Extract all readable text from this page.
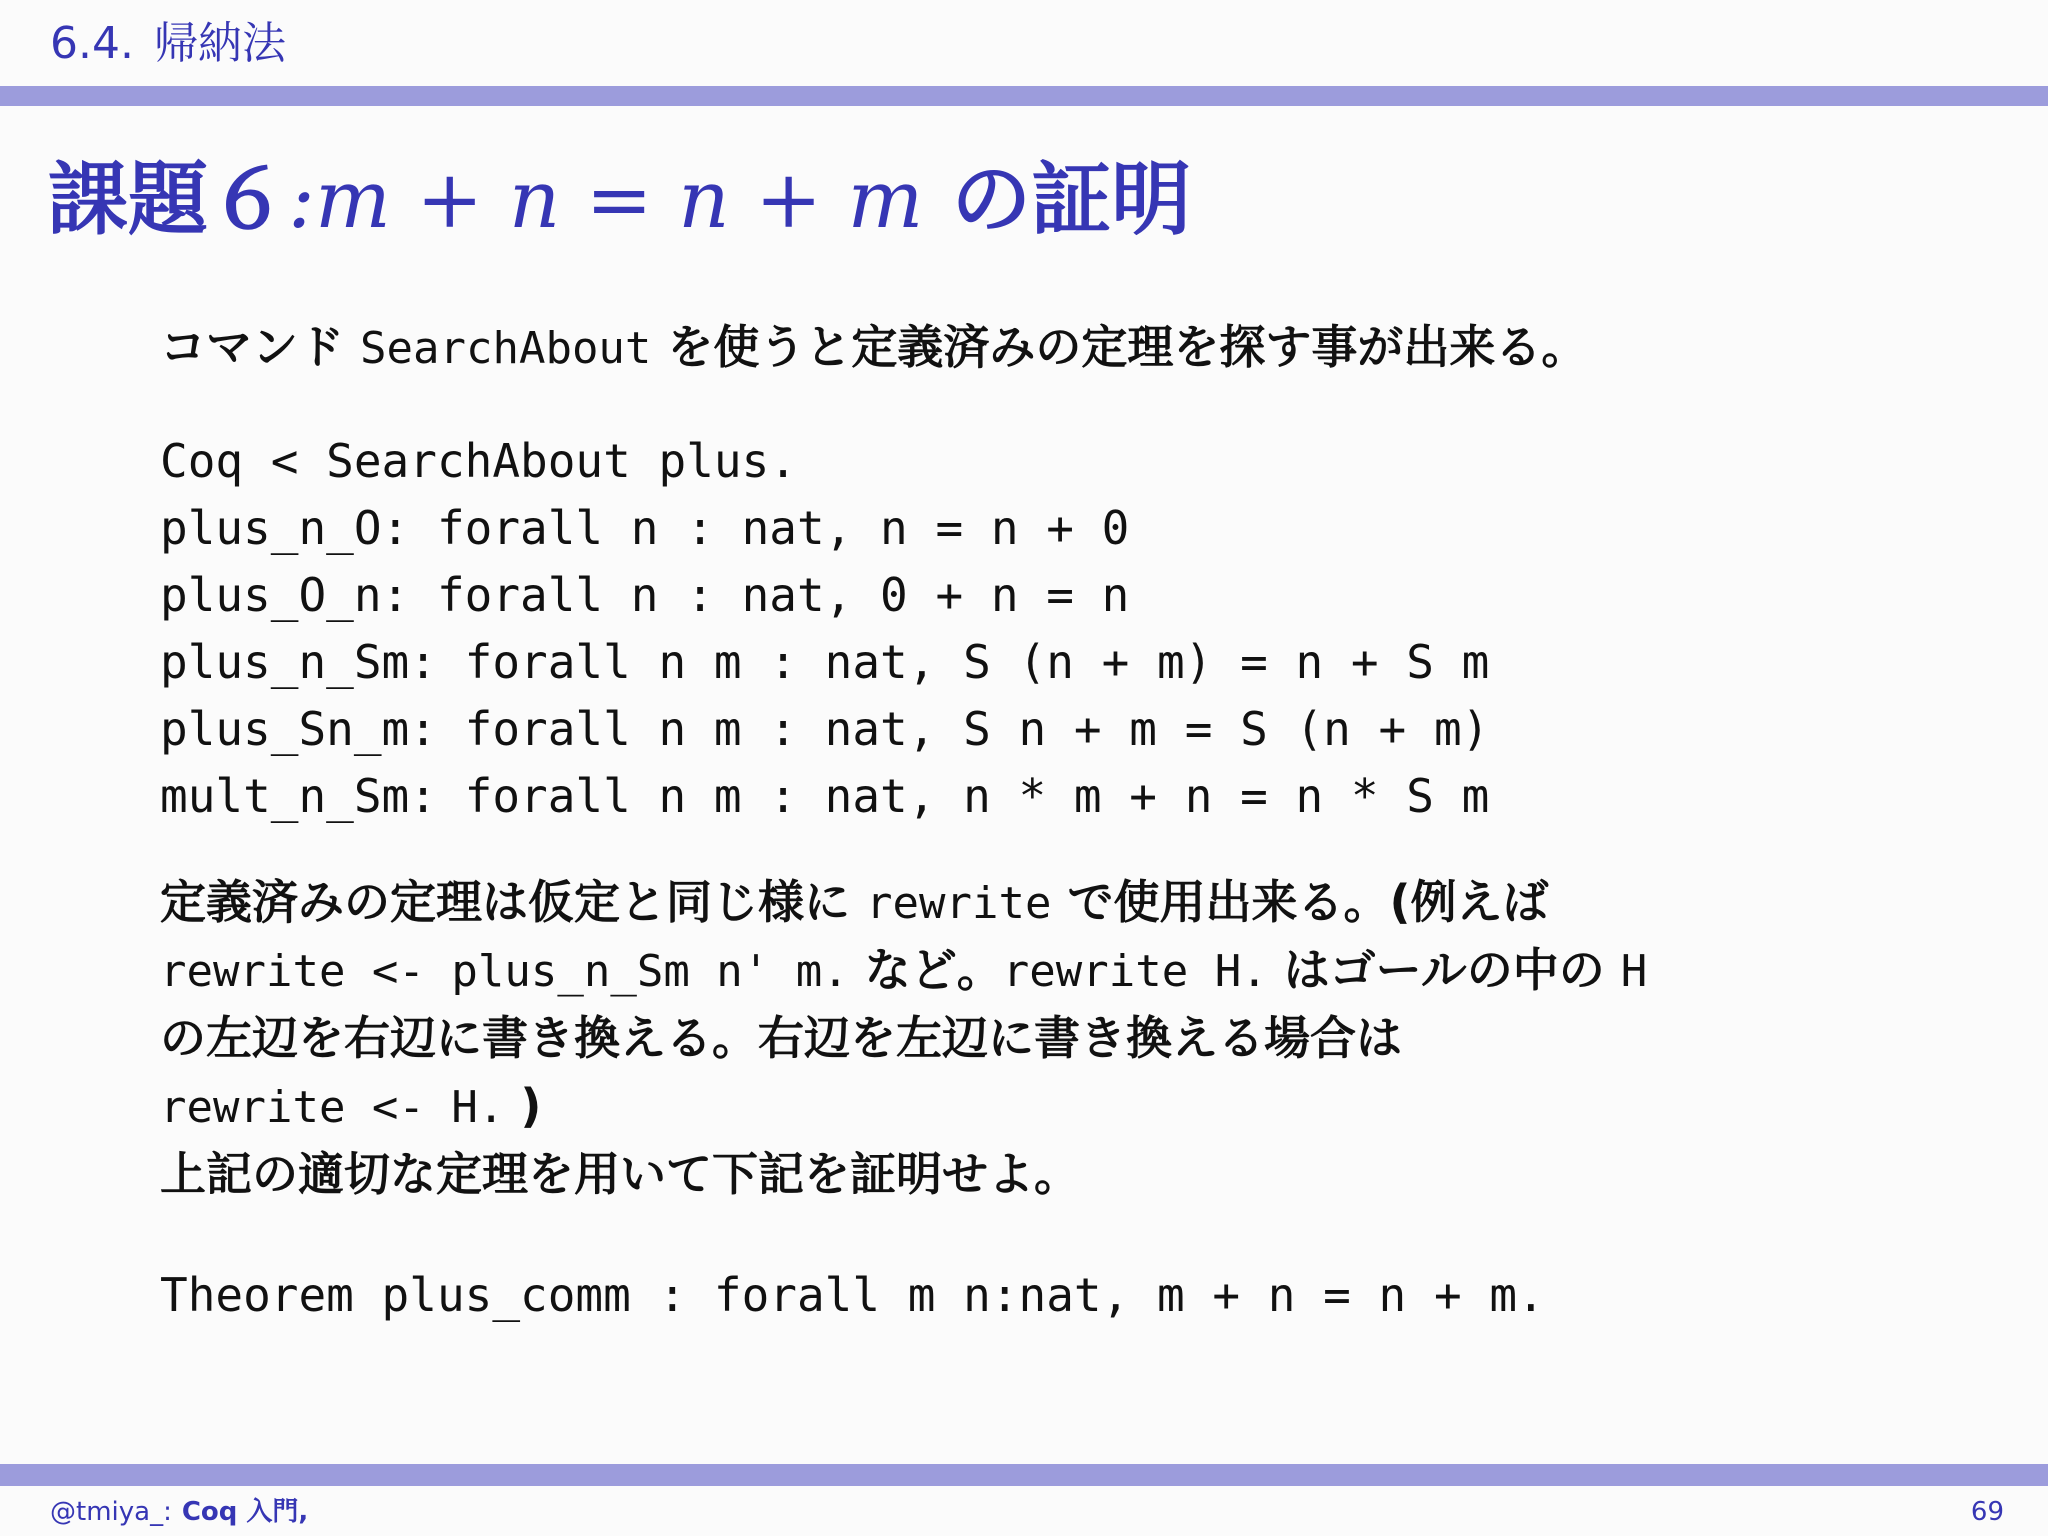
6.4. 帰納法
課題６:m + n = n + m の証明
コマンド SearchAbout を使うと定義済みの定理を探す事が出来る。
Coq < SearchAbout plus.
plus_n_O: forall n : nat, n = n + 0
plus_O_n: forall n : nat, 0 + n = n
plus_n_Sm: forall n m : nat, S (n + m) = n + S m
plus_Sn_m: forall n m : nat, S n + m = S (n + m)
mult_n_Sm: forall n m : nat, n * m + n = n * S m
定義済みの定理は仮定と同じ様に rewrite で使用出来る。(例えば
rewrite <- plus_n_Sm n' m. など。rewrite H. はゴールの中の H
の左辺を右辺に書き換える。右辺を左辺に書き換える場合は
rewrite <- H. )
上記の適切な定理を用いて下記を証明せよ。
Theorem plus_comm : forall m n:nat, m + n = n + m.
@tmiya_: Coq 入門,	69
